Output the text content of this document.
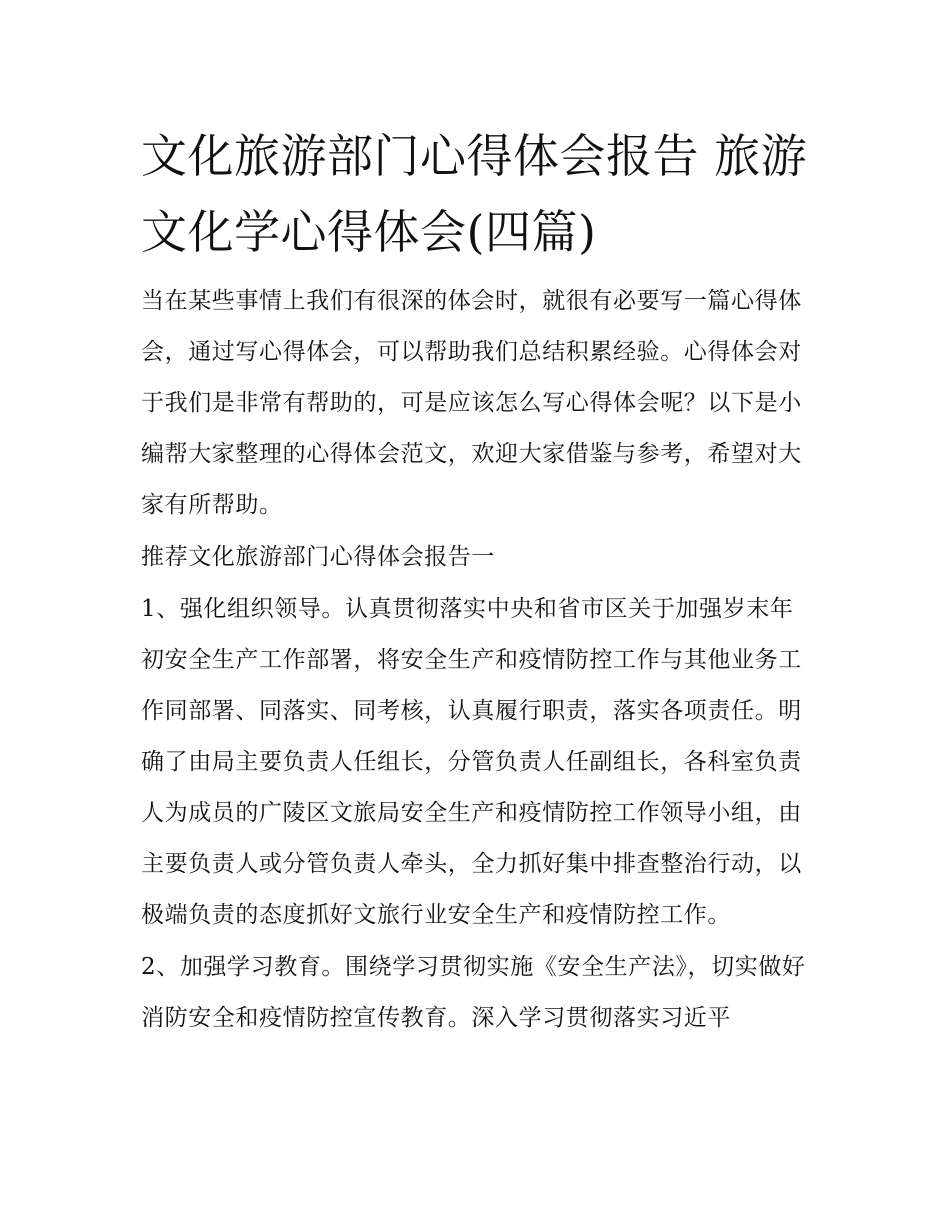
文化旅游部门心得体会报告 旅游文化学心得体会(四篇)

当在某些事情上我们有很深的体会时，就很有必要写一篇心得体会，通过写心得体会，可以帮助我们总结积累经验。心得体会对于我们是非常有帮助的，可是应该怎么写心得体会呢？以下是小编帮大家整理的心得体会范文，欢迎大家借鉴与参考，希望对大家有所帮助。

推荐文化旅游部门心得体会报告一

1、强化组织领导。认真贯彻落实中央和省市区关于加强岁末年初安全生产工作部署，将安全生产和疫情防控工作与其他业务工作同部署、同落实、同考核，认真履行职责，落实各项责任。明确了由局主要负责人任组长，分管负责人任副组长，各科室负责人为成员的广陵区文旅局安全生产和疫情防控工作领导小组，由主要负责人或分管负责人牵头，全力抓好集中排查整治行动，以极端负责的态度抓好文旅行业安全生产和疫情防控工作。

2、加强学习教育。围绕学习贯彻实施《安全生产法》，切实做好消防安全和疫情防控宣传教育。深入学习贯彻落实习近平
